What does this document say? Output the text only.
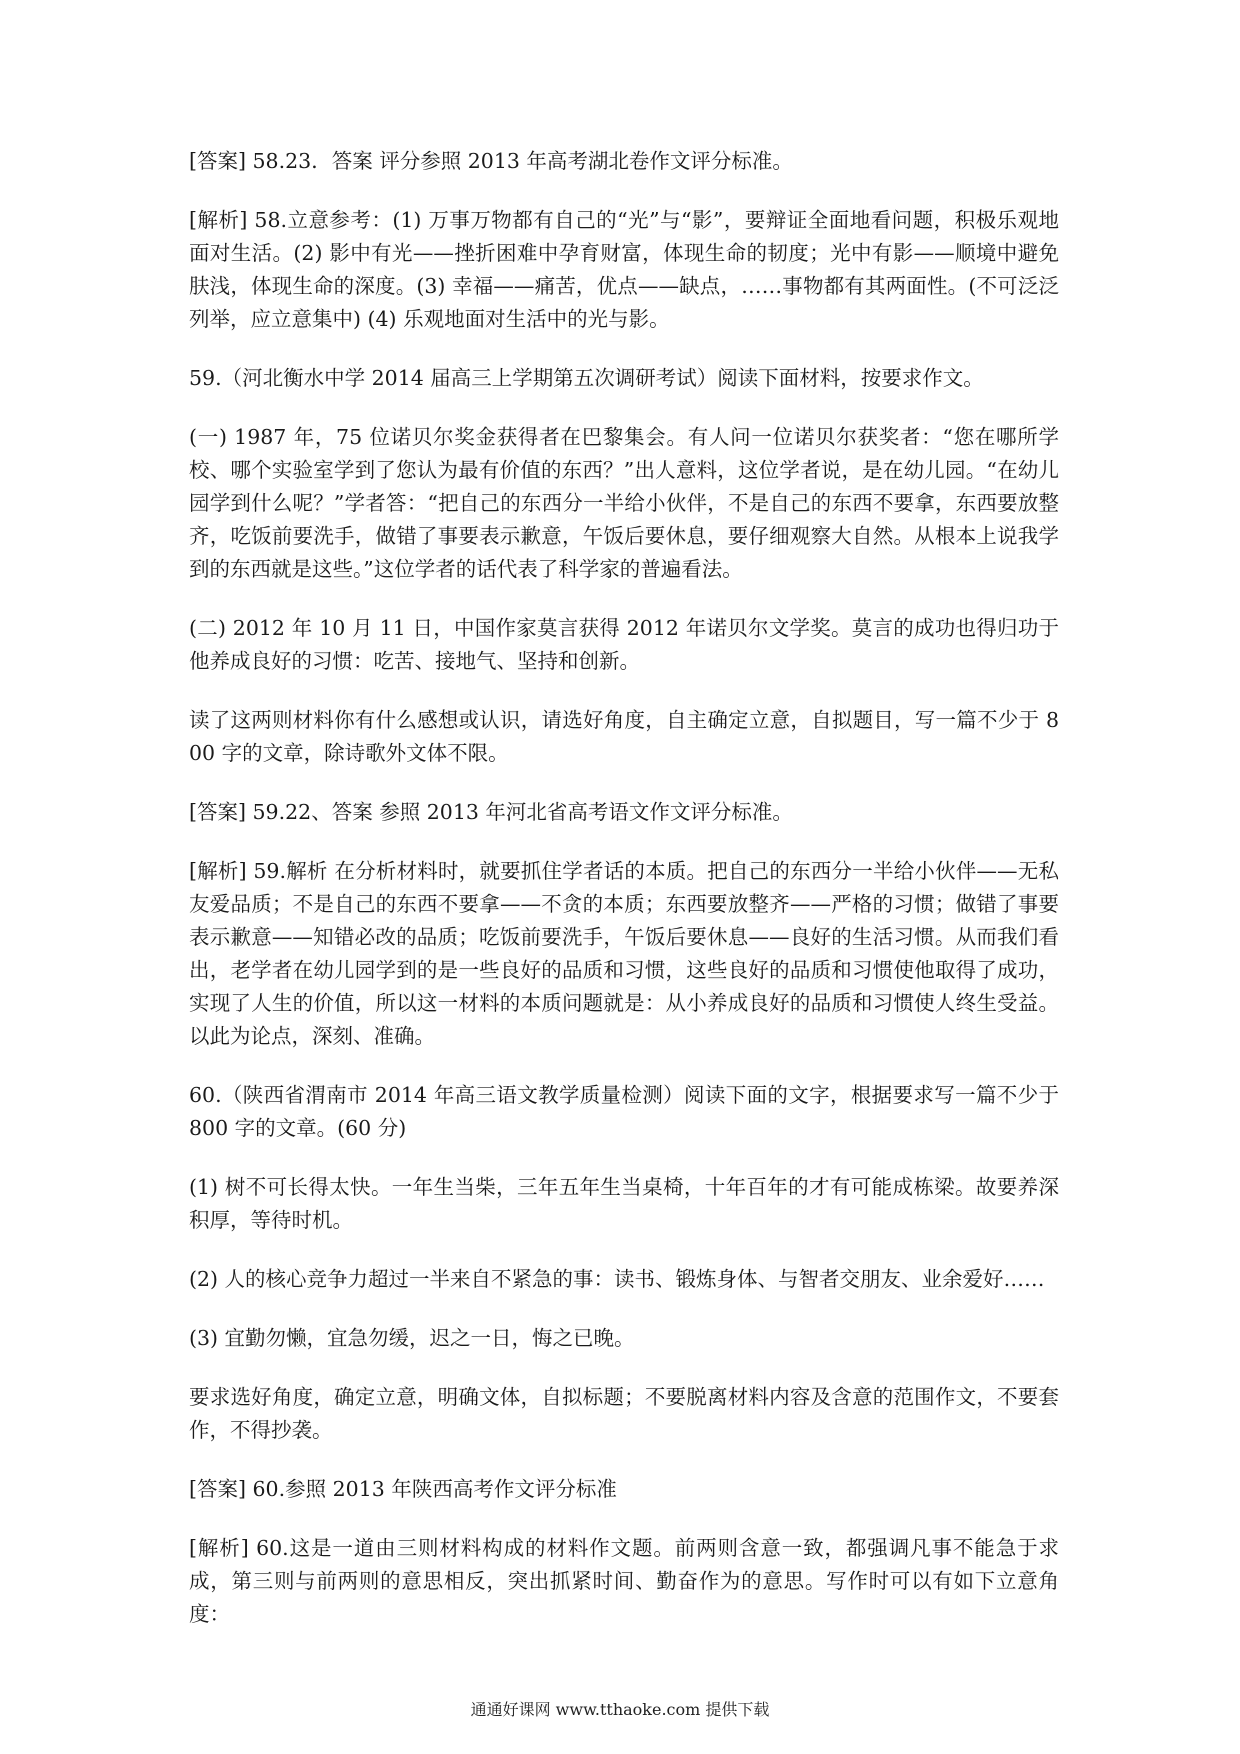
[答案] 58.23．答案 评分参照 2013 年高考湖北卷作文评分标准。

[解析] 58.立意参考：(1) 万事万物都有自己的“光”与“影”，要辩证全面地看问题，积极乐观地面对生活。(2) 影中有光——挫折困难中孕育财富，体现生命的韧度；光中有影——顺境中避免肤浅，体现生命的深度。(3) 幸福——痛苦，优点——缺点，……事物都有其两面性。(不可泛泛列举，应立意集中) (4) 乐观地面对生活中的光与影。

59.（河北衡水中学 2014 届高三上学期第五次调研考试）阅读下面材料，按要求作文。

(一) 1987 年，75 位诺贝尔奖金获得者在巴黎集会。有人问一位诺贝尔获奖者：“您在哪所学校、哪个实验室学到了您认为最有价值的东西？”出人意料，这位学者说，是在幼儿园。“在幼儿园学到什么呢？”学者答：“把自己的东西分一半给小伙伴，不是自己的东西不要拿，东西要放整齐，吃饭前要洗手，做错了事要表示歉意，午饭后要休息，要仔细观察大自然。从根本上说我学到的东西就是这些。”这位学者的话代表了科学家的普遍看法。

(二) 2012 年 10 月 11 日，中国作家莫言获得 2012 年诺贝尔文学奖。莫言的成功也得归功于他养成良好的习惯：吃苦、接地气、坚持和创新。

读了这两则材料你有什么感想或认识，请选好角度，自主确定立意，自拟题目，写一篇不少于 800 字的文章，除诗歌外文体不限。

[答案] 59.22、答案 参照 2013 年河北省高考语文作文评分标准。

[解析] 59.解析 在分析材料时，就要抓住学者话的本质。把自己的东西分一半给小伙伴——无私友爱品质；不是自己的东西不要拿——不贪的本质；东西要放整齐——严格的习惯；做错了事要表示歉意——知错必改的品质；吃饭前要洗手，午饭后要休息——良好的生活习惯。从而我们看出，老学者在幼儿园学到的是一些良好的品质和习惯，这些良好的品质和习惯使他取得了成功，实现了人生的价值，所以这一材料的本质问题就是：从小养成良好的品质和习惯使人终生受益。以此为论点，深刻、准确。

60.（陕西省渭南市 2014 年高三语文教学质量检测）阅读下面的文字，根据要求写一篇不少于 800 字的文章。(60 分)

(1) 树不可长得太快。一年生当柴，三年五年生当桌椅，十年百年的才有可能成栋梁。故要养深积厚，等待时机。

(2) 人的核心竞争力超过一半来自不紧急的事：读书、锻炼身体、与智者交朋友、业余爱好……

(3) 宜勤勿懒，宜急勿缓，迟之一日，悔之已晚。

要求选好角度，确定立意，明确文体，自拟标题；不要脱离材料内容及含意的范围作文，不要套作，不得抄袭。

[答案] 60.参照 2013 年陕西高考作文评分标准

[解析] 60.这是一道由三则材料构成的材料作文题。前两则含意一致，都强调凡事不能急于求成，第三则与前两则的意思相反，突出抓紧时间、勤奋作为的意思。写作时可以有如下立意角度：

通通好课网 www.tthaoke.com 提供下载
